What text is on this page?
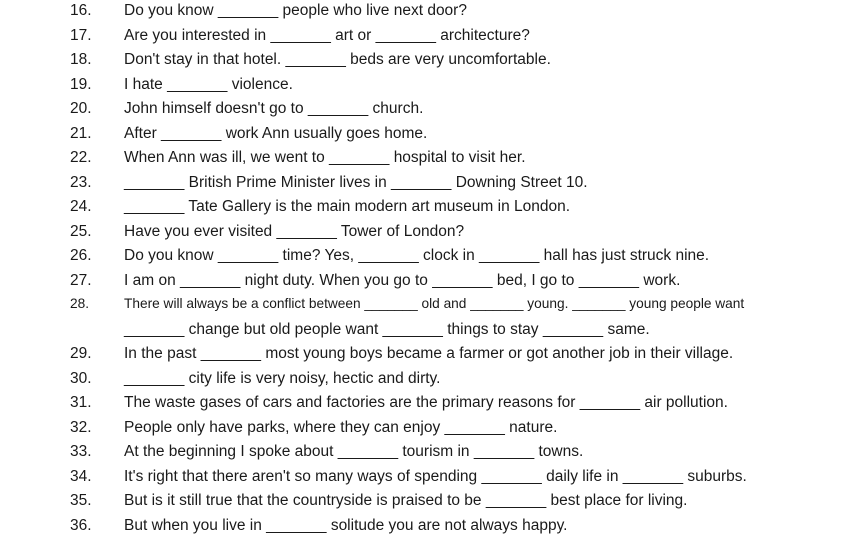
16.	Do you know _______ people who live next door?
17.	Are you interested in _______ art or _______ architecture?
18.	Don't stay in that hotel. _______ beds are very uncomfortable.
19.	I hate _______ violence.
20.	John himself doesn't go to _______ church.
21.	After _______ work Ann usually goes home.
22.	When Ann was ill, we went to _______ hospital to visit her.
23.	_______ British Prime Minister lives in _______ Downing Street 10.
24.	_______ Tate Gallery is the main modern art museum in London.
25.	Have you ever visited _______ Tower of London?
26.	Do you know _______ time? Yes, _______ clock in _______ hall has just struck nine.
27.	I am on _______ night duty. When you go to _______ bed, I go to _______ work.
28.	There will always be a conflict between _______ old and _______ young. _______ young people want
_______ change but old people want _______ things to stay _______ same.
29.	In the past _______ most young boys became a farmer or got another job in their village.
30.	_______ city life is very noisy, hectic and dirty.
31.	The waste gases of cars and factories are the primary reasons for _______ air pollution.
32.	People only have parks, where they can enjoy _______ nature.
33.	At the beginning I spoke about _______ tourism in _______ towns.
34.	It's right that there aren't so many ways of spending _______ daily life in _______ suburbs.
35.	But is it still true that the countryside is praised to be _______ best place for living.
36.	But when you live in _______ solitude you are not always happy.
